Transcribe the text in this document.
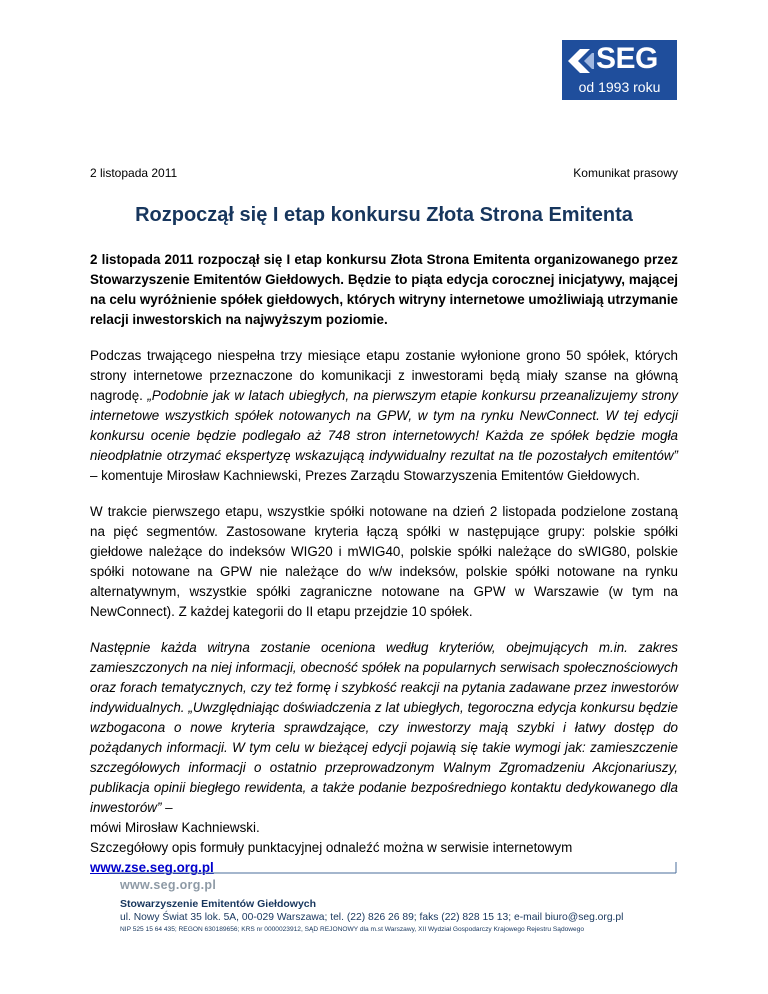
SEG
od 1993 roku
2 listopada 2011	Komunikat prasowy
Rozpoczął się I etap konkursu Złota Strona Emitenta

2 listopada 2011 rozpoczął się I etap konkursu Złota Strona Emitenta organizowanego przez Stowarzyszenie Emitentów Giełdowych. Będzie to piąta edycja corocznej inicjatywy, mającej na celu wyróżnienie spółek giełdowych, których witryny internetowe umożliwiają utrzymanie relacji inwestorskich na najwyższym poziomie.

Podczas trwającego niespełna trzy miesiące etapu zostanie wyłonione grono 50 spółek, których strony internetowe przeznaczone do komunikacji z inwestorami będą miały szanse na główną nagrodę. „Podobnie jak w latach ubiegłych, na pierwszym etapie konkursu przeanalizujemy strony internetowe wszystkich spółek notowanych na GPW, w tym na rynku NewConnect. W tej edycji konkursu ocenie będzie podlegało aż 748 stron internetowych! Każda ze spółek będzie mogła nieodpłatnie otrzymać ekspertyzę wskazującą indywidualny rezultat na tle pozostałych emitentów” – komentuje Mirosław Kachniewski, Prezes Zarządu Stowarzyszenia Emitentów Giełdowych.

W trakcie pierwszego etapu, wszystkie spółki notowane na dzień 2 listopada podzielone zostaną na pięć segmentów. Zastosowane kryteria łączą spółki w następujące grupy: polskie spółki giełdowe należące do indeksów WIG20 i mWIG40, polskie spółki należące do sWIG80, polskie spółki notowane na GPW nie należące do w/w indeksów, polskie spółki notowane na rynku alternatywnym, wszystkie spółki zagraniczne notowane na GPW w Warszawie (w tym na NewConnect). Z każdej kategorii do II etapu przejdzie 10 spółek.

Następnie każda witryna zostanie oceniona według kryteriów, obejmujących m.in. zakres zamieszczonych na niej informacji, obecność spółek na popularnych serwisach społecznościowych oraz forach tematycznych, czy też formę i szybkość reakcji na pytania zadawane przez inwestorów indywidualnych. „Uwzględniając doświadczenia z lat ubiegłych, tegoroczna edycja konkursu będzie wzbogacona o nowe kryteria sprawdzające, czy inwestorzy mają szybki i łatwy dostęp do pożądanych informacji. W tym celu w bieżącej edycji pojawią się takie wymogi jak: zamieszczenie szczegółowych informacji o ostatnio przeprowadzonym Walnym Zgromadzeniu Akcjonariuszy, publikacja opinii biegłego rewidenta, a także podanie bezpośredniego kontaktu dedykowanego dla inwestorów” –
mówi Mirosław Kachniewski.

Szczegółowy opis formuły punktacyjnej odnaleźć można w serwisie internetowym
www.zse.seg.org.pl

www.seg.org.pl
Stowarzyszenie Emitentów Giełdowych
ul. Nowy Świat 35 lok. 5A, 00-029 Warszawa; tel. (22) 826 26 89; faks (22) 828 15 13; e-mail biuro@seg.org.pl
NIP 525 15 64 435; REGON 630189656; KRS nr 0000023912, SĄD REJONOWY dla m.st Warszawy, XII Wydział Gospodarczy Krajowego Rejestru Sądowego
